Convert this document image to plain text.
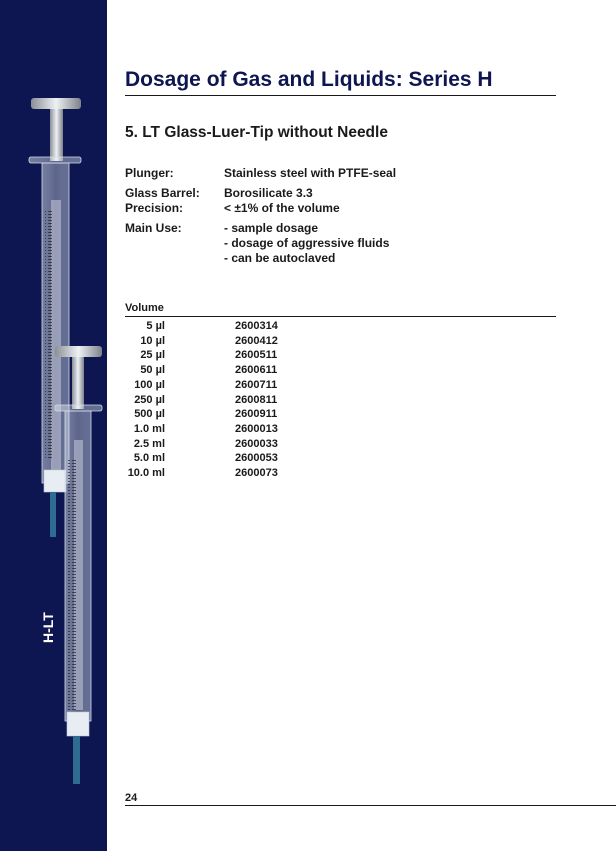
H-LT
Dosage of Gas and Liquids: Series H
5. LT Glass-Luer-Tip without Needle
Plunger:	Stainless steel with PTFE-seal
Glass Barrel:	Borosilicate 3.3
Precision:	< ±1% of the volume
Main Use:	- sample dosage
- dosage of aggressive fluids
- can be autoclaved
Volume
5 µl	2600314
10 µl	2600412
25 µl	2600511
50 µl	2600611
100 µl	2600711
250 µl	2600811
500 µl	2600911
1.0 ml	2600013
2.5 ml	2600033
5.0 ml	2600053
10.0 ml	2600073
24
